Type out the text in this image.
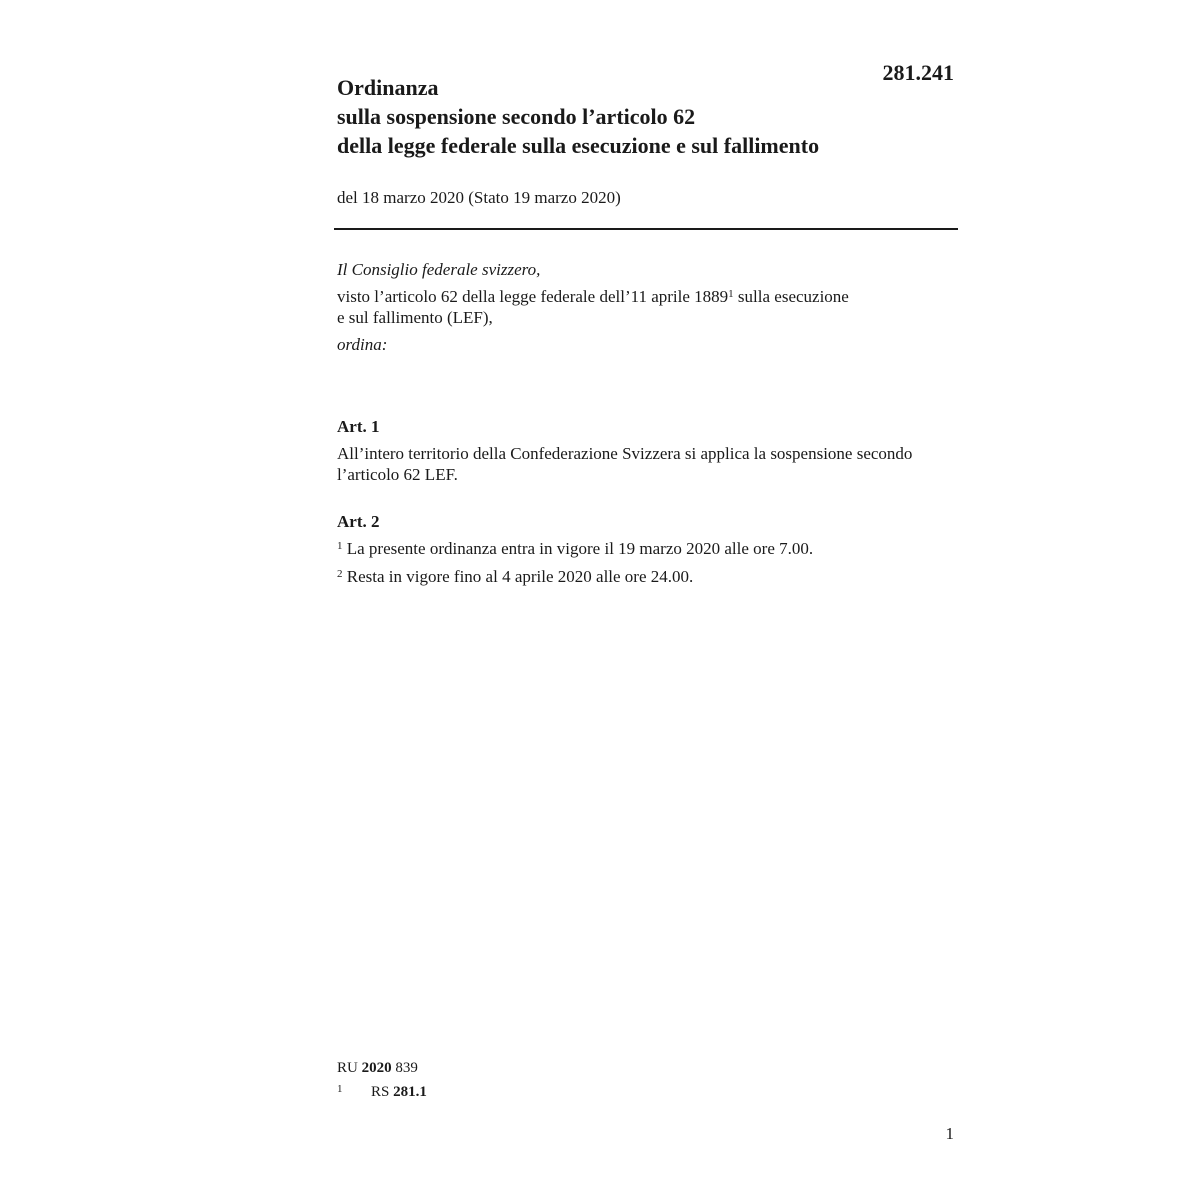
281.241

Ordinanza
sulla sospensione secondo l’articolo 62
della legge federale sulla esecuzione e sul fallimento

del 18 marzo 2020 (Stato 19 marzo 2020)

Il Consiglio federale svizzero,

visto l’articolo 62 della legge federale dell’11 aprile 1889$^1$ sulla esecuzione
e sul fallimento (LEF),

ordina:

Art. 1

All’intero territorio della Confederazione Svizzera si applica la sospensione secondo
l’articolo 62 LEF.

Art. 2

$^1$ La presente ordinanza entra in vigore il 19 marzo 2020 alle ore 7.00.

$^2$ Resta in vigore fino al 4 aprile 2020 alle ore 24.00.

RU 2020 839

1 RS 281.1

1
